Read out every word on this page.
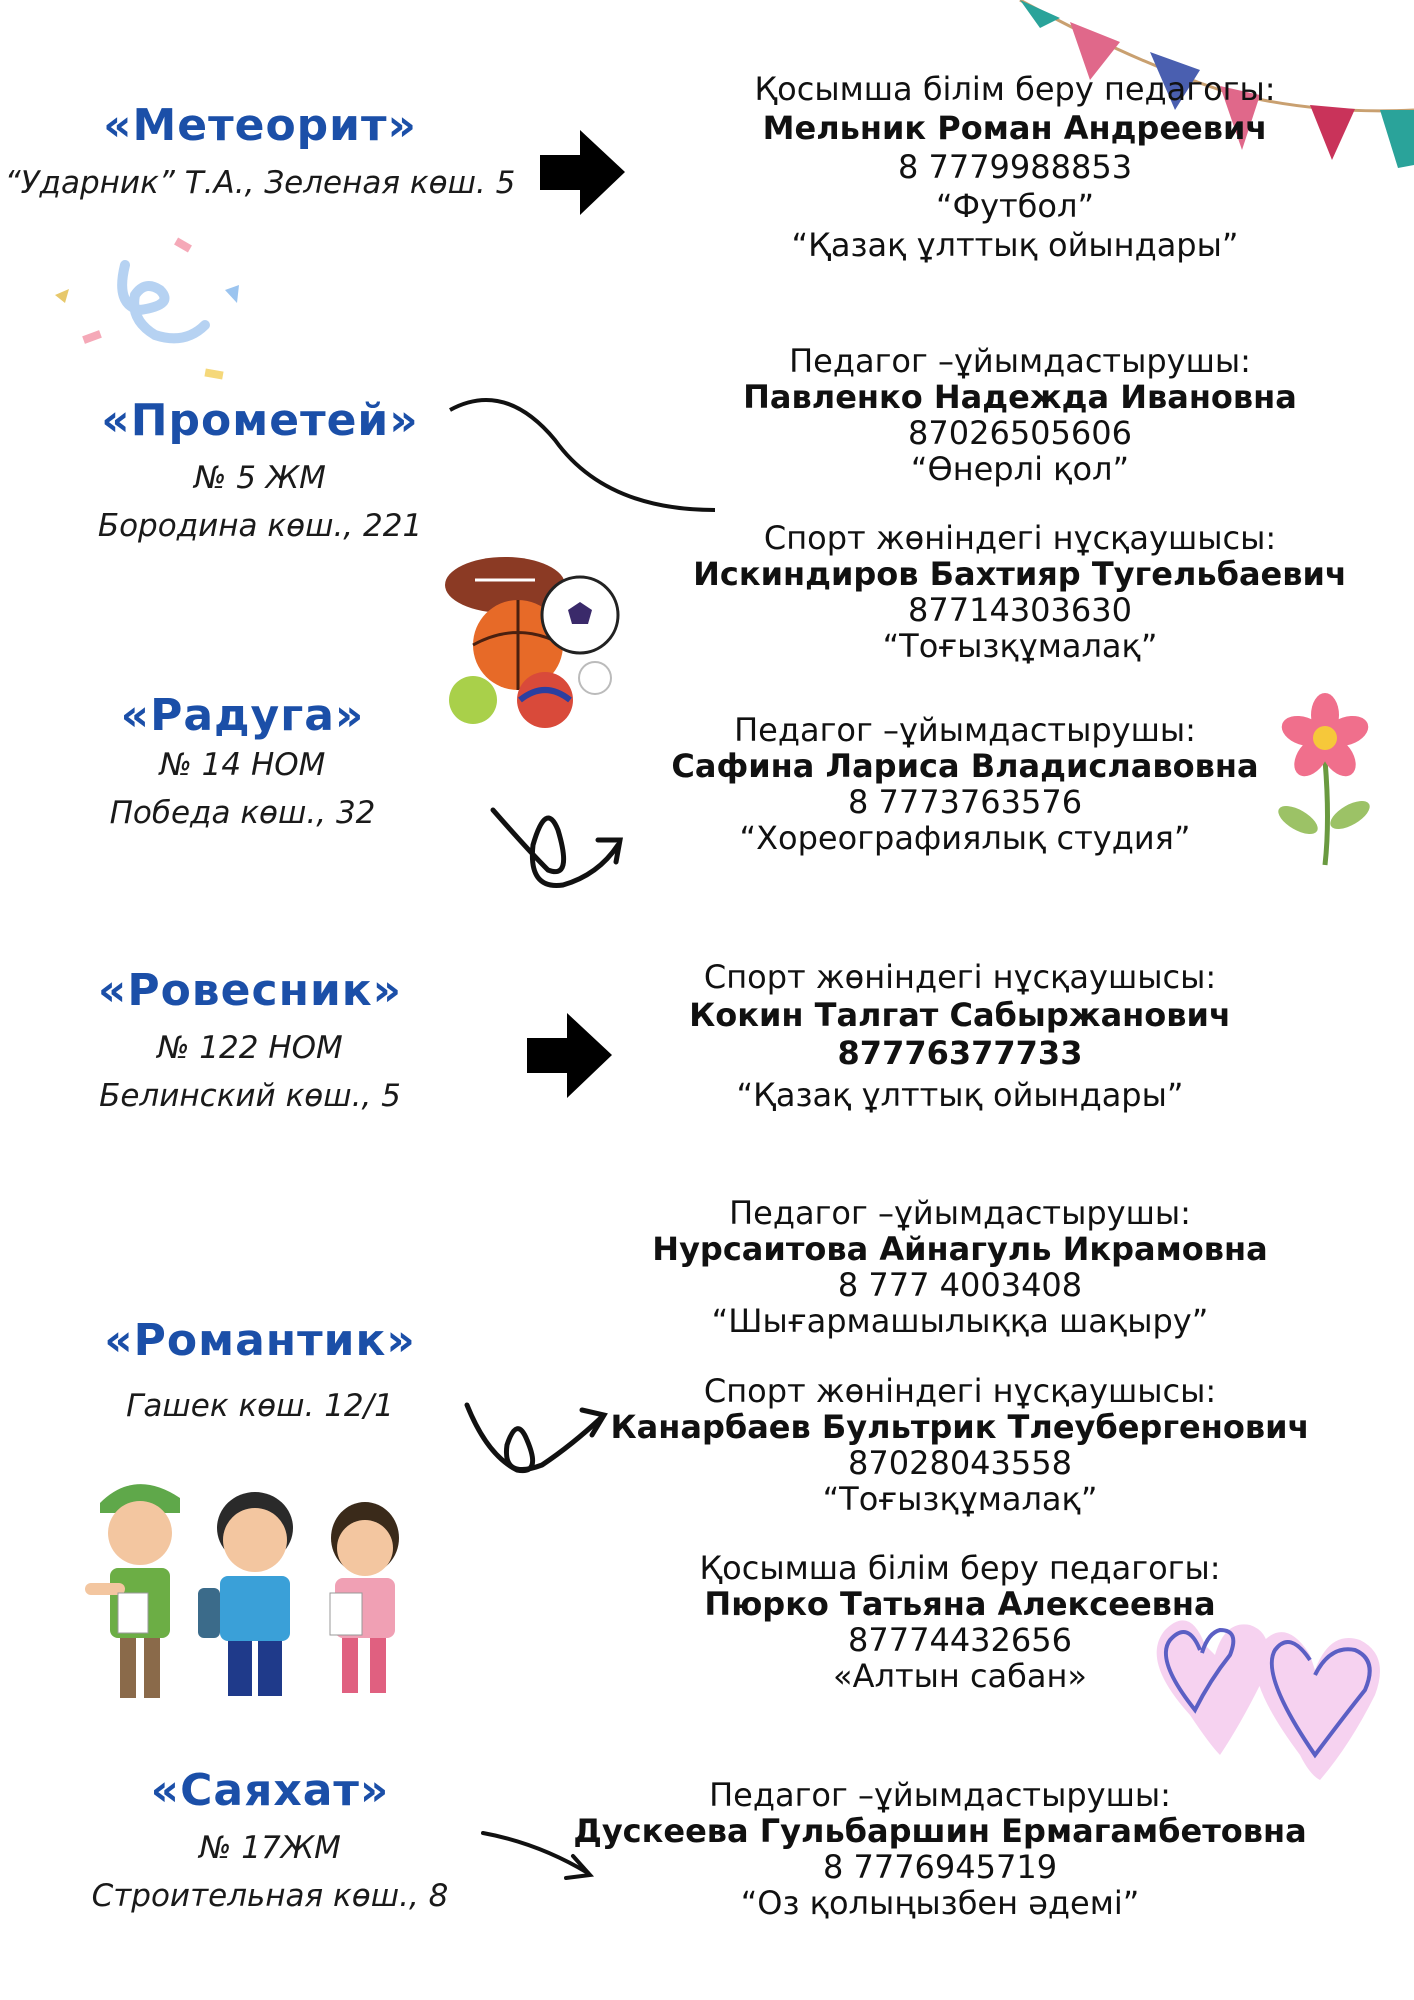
«Метеорит»
“Ударник” Т.А., Зеленая көш. 5
«Прометей»
№ 5 ЖМ
Бородина көш., 221
«Радуга»
№ 14 НОМ
Победа көш., 32
«Ровесник»
№ 122 НОМ
Белинский көш., 5
«Романтик»
Гашек көш. 12/1
«Саяхат»
№ 17ЖМ
Строительная көш., 8
Қосымша білім беру педагогы:
Мельник Роман Андреевич
8 7779988853
“Футбол”
“Қазақ ұлттық ойындары”
Педагог –ұйымдастырушы:
Павленко Надежда Ивановна
87026505606
“Өнерлі қол”
Спорт жөніндегі нұсқаушысы:
Искиндиров Бахтияр Тугельбаевич
87714303630
“Тоғызқұмалақ”
Педагог –ұйымдастырушы:
Сафина Лариса Владиславовна
8 7773763576
“Хореографиялық студия”
Спорт жөніндегі нұсқаушысы:
Кокин Талгат Сабыржанович
87776377733
“Қазақ ұлттық ойындары”
Педагог –ұйымдастырушы:
Нурсаитова Айнагуль Икрамовна
8 777 4003408
“Шығармашылыққа шақыру”
Спорт жөніндегі нұсқаушысы:
Канарбаев Бультрик Тлеубергенович
87028043558
“Тоғызқұмалақ”
Қосымша білім беру педагогы:
Пюрко Татьяна Алексеевна
87774432656
«Алтын сабан»
Педагог –ұйымдастырушы:
Дускеева Гульбаршин Ермагамбетовна
8 7776945719
“Оз қолыңызбен әдемі”
